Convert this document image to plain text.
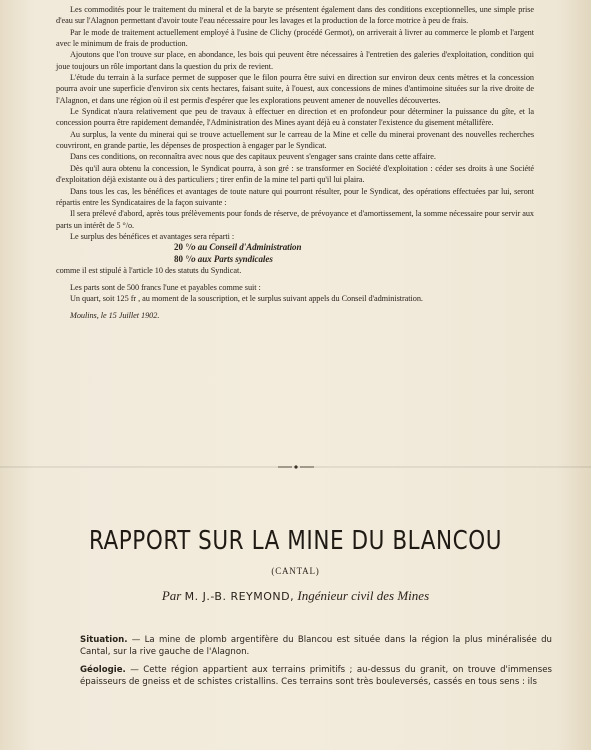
Les commodités pour le traitement du mineral et de la baryte se présentent également dans des conditions exceptionnelles, une simple prise d'eau sur l'Alagnon permettant d'avoir toute l'eau nécessaire pour les lavages et la production de la force motrice à peu de frais.

Par le mode de traitement actuellement employé à l'usine de Clichy (procédé Germot), on arriverait à livrer au commerce le plomb et l'argent avec le minimum de frais de production.

Ajoutons que l'on trouve sur place, en abondance, les bois qui peuvent être nécessaires à l'entretien des galeries d'exploitation, condition qui joue toujours un rôle important dans la question du prix de revient.

L'étude du terrain à la surface permet de supposer que le filon pourra être suivi en direction sur environ deux cents mètres et la concession pourra avoir une superficie d'environ six cents hectares, faisant suite, à l'ouest, aux concessions de mines d'antimoine situées sur la rive droite de l'Alagnon, et dans une région où il est permis d'espérer que les explorations peuvent amener de nouvelles découvertes.

Le Syndicat n'aura relativement que peu de travaux à effectuer en direction et en profondeur pour déterminer la puissance du gîte, et la concession pourra être rapidement demandée, l'Administration des Mines ayant déjà eu à constater l'existence du gisement métallifère.

Au surplus, la vente du minerai qui se trouve actuellement sur le carreau de la Mine et celle du minerai provenant des nouvelles recherches couvriront, en grande partie, les dépenses de prospection à engager par le Syndicat.

Dans ces conditions, on reconnaîtra avec nous que des capitaux peuvent s'engager sans crainte dans cette affaire.

Dès qu'il aura obtenu la concession, le Syndicat pourra, à son gré : se transformer en Société d'exploitation : céder ses droits à une Société d'exploitation déjà existante ou à des particuliers ; tirer enfin de la mine tel parti qu'il lui plaira.

Dans tous les cas, les bénéfices et avantages de toute nature qui pourront résulter, pour le Syndicat, des opérations effectuées par lui, seront répartis entre les Syndicataires de la façon suivante :

Il sera prélevé d'abord, après tous prélèvements pour fonds de réserve, de prévoyance et d'amortissement, la somme nécessaire pour servir aux parts un intérêt de 5 °/o.

Le surplus des bénéfices et avantages sera réparti :

20 °/o au Conseil d'Administration

80 °/o aux Parts syndicales

comme il est stipulé à l'article 10 des statuts du Syndicat.

Les parts sont de 500 francs l'une et payables comme suit :

Un quart, soit 125 fr , au moment de la souscription, et le surplus suivant appels du Conseil d'administration.

Moulins, le 15 Juillet 1902.

RAPPORT SUR LA MINE DU BLANCOU
(CANTAL)
Par M. J.-B. REYMOND, Ingénieur civil des Mines

Situation. — La mine de plomb argentifère du Blancou est située dans la région la plus minéralisée du Cantal, sur la rive gauche de l'Alagnon.

Géologie. — Cette région appartient aux terrains primitifs ; au-dessus du granit, on trouve d'immenses épaisseurs de gneiss et de schistes cristallins. Ces terrains sont très bouleversés, cassés en tous sens : ils
